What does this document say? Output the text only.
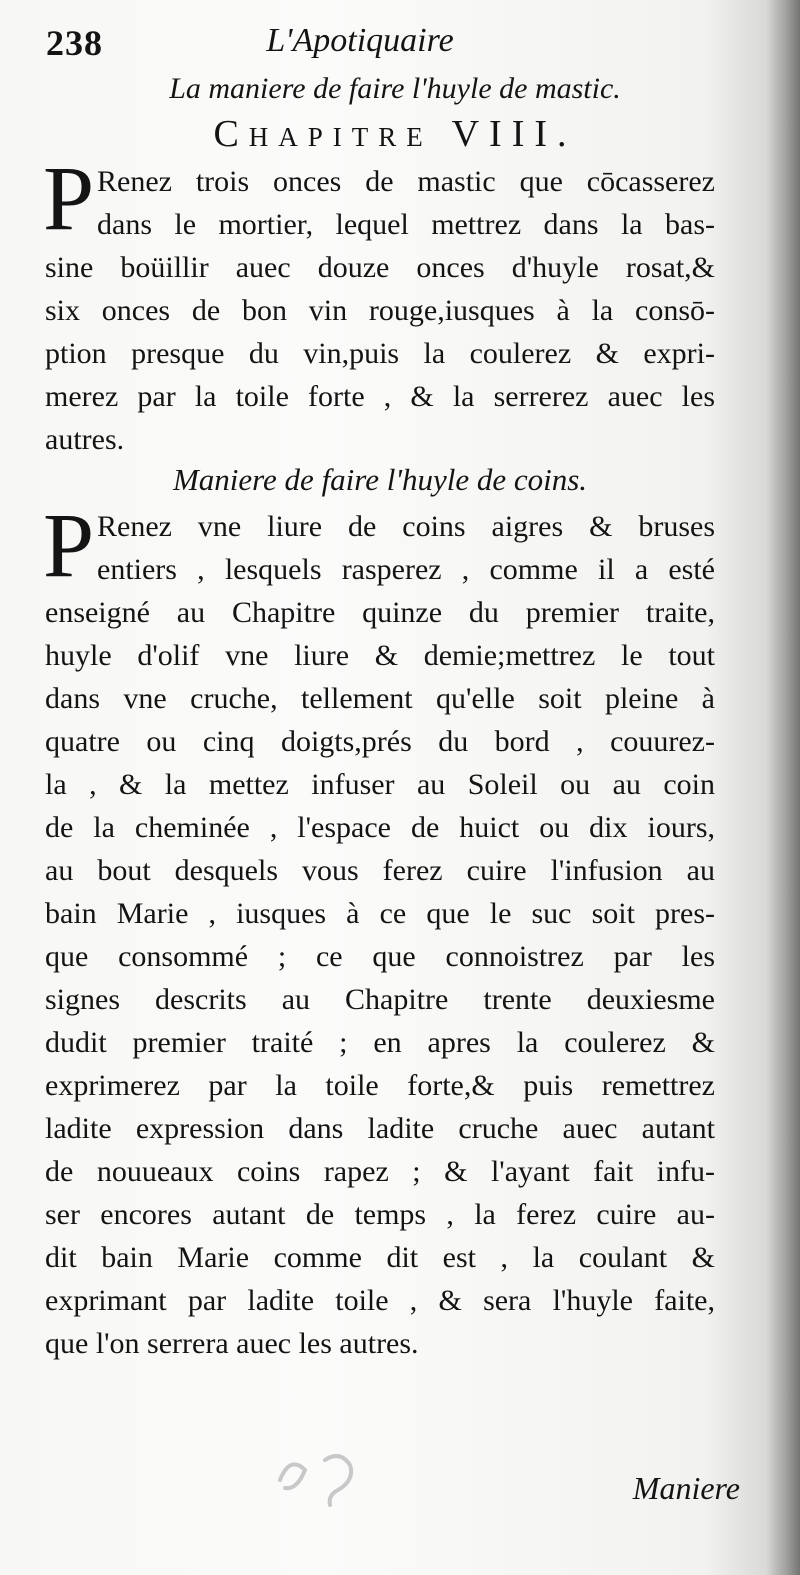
238	L'Apotiquaire
La maniere de faire l'huyle de mastic.
Chapitre VIII.
P Renez trois onces de mastic que cōcasserez
dans le mortier, lequel mettrez dans la bas-
sine boüillir auec douze onces d'huyle rosat,&
six onces de bon vin rouge,iusques à la consō-
ption presque du vin,puis la coulerez & expri-
merez par la toile forte , & la serrerez auec les
autres.
Maniere de faire l'huyle de coins.
P Renez vne liure de coins aigres & bruses
entiers , lesquels rasperez , comme il a esté
enseigné au Chapitre quinze du premier traite,
huyle d'olif vne liure & demie;mettrez le tout
dans vne cruche, tellement qu'elle soit pleine à
quatre ou cinq doigts,prés du bord , couurez-
la , & la mettez infuser au Soleil ou au coin
de la cheminée , l'espace de huict ou dix iours,
au bout desquels vous ferez cuire l'infusion au
bain Marie , iusques à ce que le suc soit pres-
que consommé ; ce que connoistrez par les
signes descrits au Chapitre trente deuxiesme
dudit premier traité ; en apres la coulerez &
exprimerez par la toile forte,& puis remettrez
ladite expression dans ladite cruche auec autant
de nouueaux coins rapez ; & l'ayant fait infu-
ser encores autant de temps , la ferez cuire au-
dit bain Marie comme dit est , la coulant &
exprimant par ladite toile , & sera l'huyle faite,
que l'on serrera auec les autres.
Maniere
